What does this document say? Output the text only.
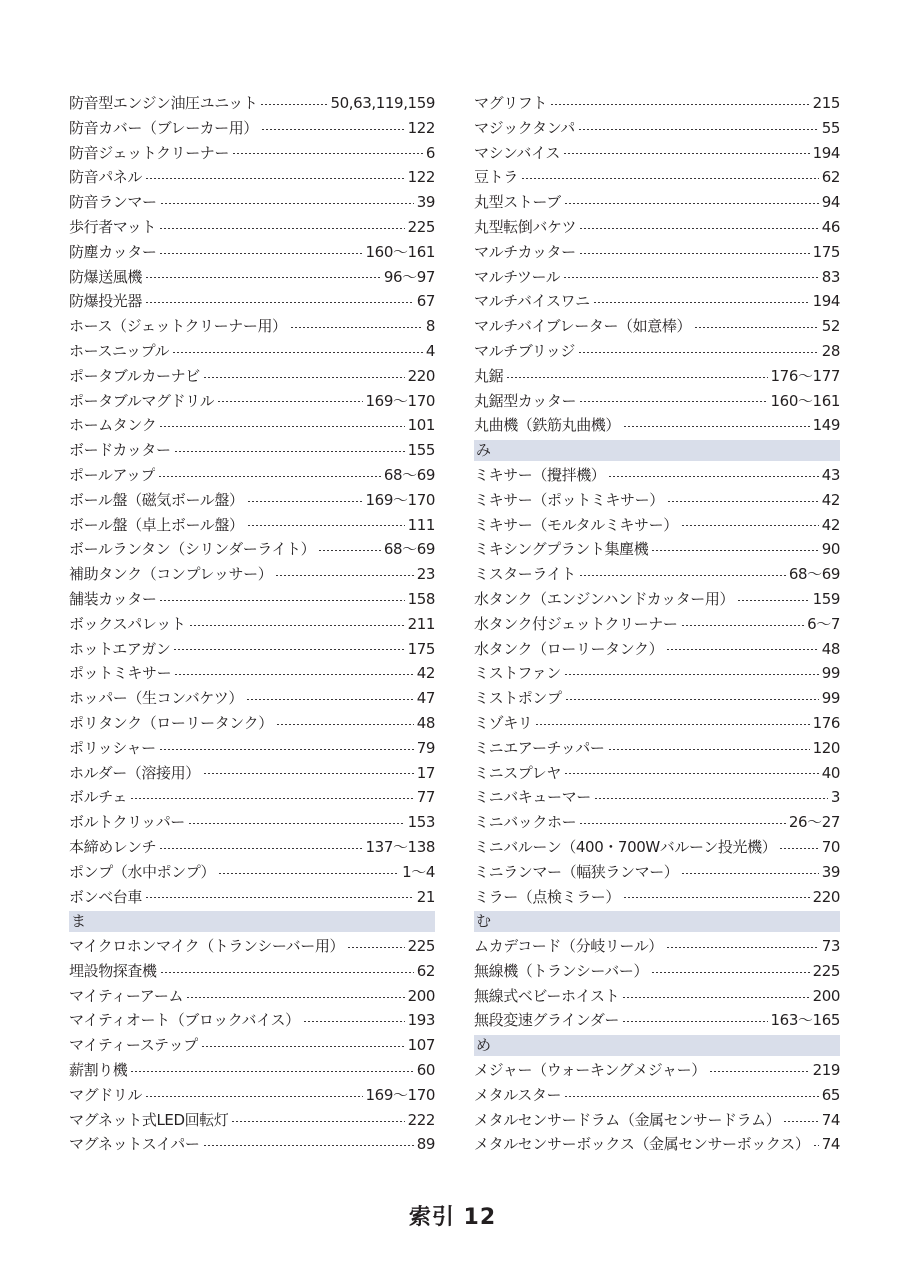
防音型エンジン油圧ユニット	50,63,119,159
防音カバー（ブレーカー用）	122
防音ジェットクリーナー	6
防音パネル	122
防音ランマー	39
歩行者マット	225
防塵カッター	160～161
防爆送風機	96～97
防爆投光器	67
ホース（ジェットクリーナー用）	8
ホースニップル	4
ポータブルカーナビ	220
ポータブルマグドリル	169～170
ホームタンク	101
ボードカッター	155
ポールアップ	68～69
ボール盤（磁気ボール盤）	169～170
ボール盤（卓上ボール盤）	111
ボールランタン（シリンダーライト）	68～69
補助タンク（コンプレッサー）	23
舗装カッター	158
ボックスパレット	211
ホットエアガン	175
ポットミキサー	42
ホッパー（生コンバケツ）	47
ポリタンク（ローリータンク）	48
ポリッシャー	79
ホルダー（溶接用）	17
ボルチェ	77
ボルトクリッパー	153
本締めレンチ	137～138
ポンプ（水中ポンプ）	1～4
ボンベ台車	21
ま
マイクロホンマイク（トランシーバー用）	225
埋設物探査機	62
マイティーアーム	200
マイティオート（ブロックバイス）	193
マイティーステップ	107
薪割り機	60
マグドリル	169～170
マグネット式LED回転灯	222
マグネットスイパー	89
マグリフト	215
マジックタンパ	55
マシンバイス	194
豆トラ	62
丸型ストーブ	94
丸型転倒バケツ	46
マルチカッター	175
マルチツール	83
マルチバイスワニ	194
マルチバイブレーター（如意棒）	52
マルチブリッジ	28
丸鋸	176～177
丸鋸型カッター	160～161
丸曲機（鉄筋丸曲機）	149
み
ミキサー（攪拌機）	43
ミキサー（ポットミキサー）	42
ミキサー（モルタルミキサー）	42
ミキシングプラント集塵機	90
ミスターライト	68～69
水タンク（エンジンハンドカッター用）	159
水タンク付ジェットクリーナー	6～7
水タンク（ローリータンク）	48
ミストファン	99
ミストポンプ	99
ミゾキリ	176
ミニエアーチッパー	120
ミニスプレヤ	40
ミニバキューマー	3
ミニバックホー	26～27
ミニバルーン（400・700Wバルーン投光機）	70
ミニランマー（幅狭ランマー）	39
ミラー（点検ミラー）	220
む
ムカデコード（分岐リール）	73
無線機（トランシーバー）	225
無線式ベビーホイスト	200
無段変速グラインダー	163～165
め
メジャー（ウォーキングメジャー）	219
メタルスター	65
メタルセンサードラム（金属センサードラム）	74
メタルセンサーボックス（金属センサーボックス） 74
索引 12
